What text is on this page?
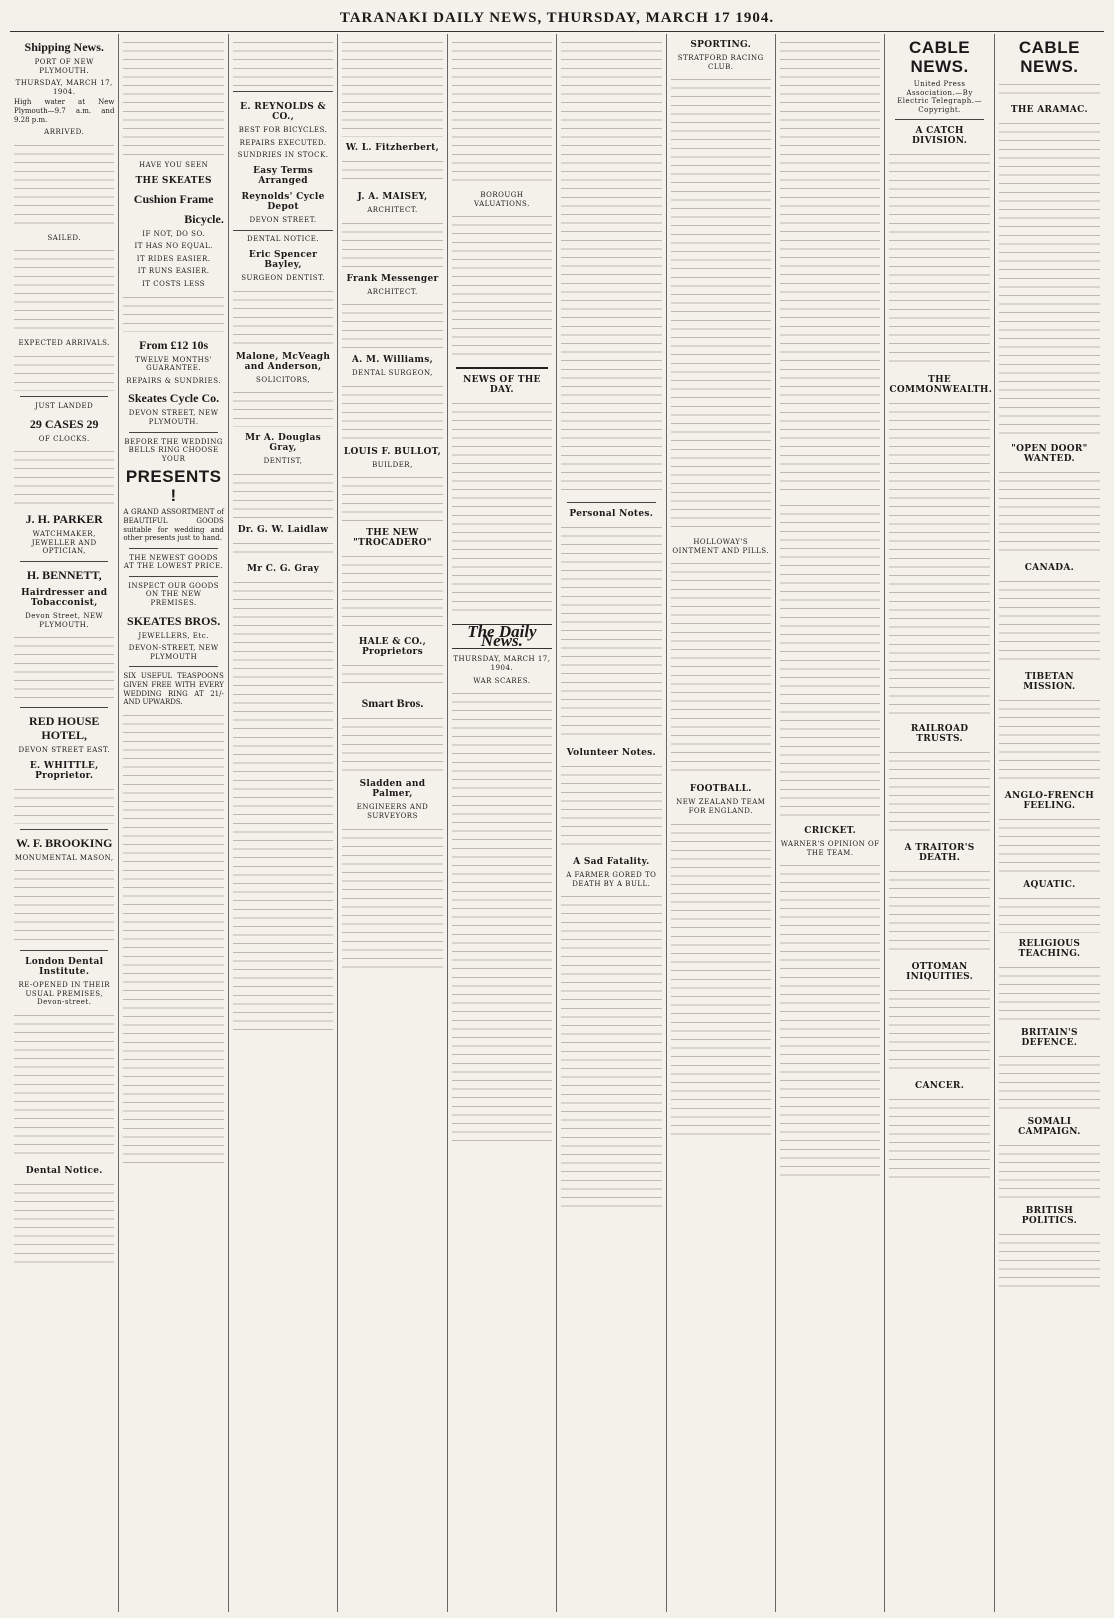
TARANAKI DAILY NEWS, THURSDAY, MARCH 17 1904.
Shipping News.
PORT OF NEW PLYMOUTH.
THURSDAY, MARCH 17, 1904.

High water at New Plymouth—9.7 a.m. and 9.28 p.m.

ARRIVED.
SAILED.
EXPECTED ARRIVALS.
JUST LANDED
29 CASES 29
OF CLOCKS.
J. H. PARKER
WATCHMAKER, JEWELLER AND OPTICIAN,
H. BENNETT,
Hairdresser and Tobacconist,
Devon Street, NEW PLYMOUTH.
RED HOUSE HOTEL,
DEVON STREET EAST.
E. WHITTLE, Proprietor.
W. F. BROOKING
MONUMENTAL MASON,
London Dental Institute.
RE-OPENED IN THEIR USUAL PREMISES, Devon-street.
Dental Notice.
HAVE YOU SEEN
THE SKEATES
Cushion Frame
Bicycle.
IF NOT, DO SO.
IT HAS NO EQUAL.
IT RIDES EASIER.
IT RUNS EASIER.
IT COSTS LESS
From £12 10s
TWELVE MONTHS' GUARANTEE.
REPAIRS & SUNDRIES.
Skeates Cycle Co.
DEVON STREET, NEW PLYMOUTH.
BEFORE THE WEDDING BELLS RING CHOOSE YOUR
PRESENTS !

A GRAND ASSORTMENT of BEAUTIFUL GOODS suitable for wedding and other presents just to hand.

THE NEWEST GOODS AT THE LOWEST PRICE.
INSPECT OUR GOODS ON THE NEW PREMISES.
SKEATES BROS.
JEWELLERS, Etc.
DEVON-STREET, NEW PLYMOUTH

SIX USEFUL TEASPOONS GIVEN FREE WITH EVERY WEDDING RING AT 21/- AND UPWARDS.

E. REYNOLDS & CO.,
BEST FOR BICYCLES.
REPAIRS EXECUTED.
SUNDRIES IN STOCK.
Easy Terms Arranged
Reynolds' Cycle Depot
DEVON STREET.
DENTAL NOTICE.
Eric Spencer Bayley,
SURGEON DENTIST.
Malone, McVeagh and Anderson,
SOLICITORS,
Mr A. Douglas Gray,
DENTIST,
Dr. G. W. Laidlaw
Mr C. G. Gray
W. L. Fitzherbert,
J. A. MAISEY,
ARCHITECT.
Frank Messenger
ARCHITECT.
A. M. Williams,
DENTAL SURGEON,
LOUIS F. BULLOT,
BUILDER,
THE NEW "TROCADERO"
HALE & CO., Proprietors
Smart Bros.
Sladden and Palmer,
ENGINEERS AND SURVEYORS
BOROUGH VALUATIONS.
NEWS OF THE DAY.
The Daily News.
THURSDAY, MARCH 17, 1904.
WAR SCARES.
Personal Notes.
Volunteer Notes.
A Sad Fatality.
A FARMER GORED TO DEATH BY A BULL.
SPORTING.
STRATFORD RACING CLUB.
HOLLOWAY'S OINTMENT AND PILLS.
FOOTBALL.
NEW ZEALAND TEAM FOR ENGLAND.
CRICKET.
WARNER'S OPINION OF THE TEAM.
CABLE NEWS.
United Press Association.—By Electric Telegraph.—Copyright.
A CATCH DIVISION.
THE COMMONWEALTH.
RAILROAD TRUSTS.
A TRAITOR'S DEATH.
OTTOMAN INIQUITIES.
CANCER.
CABLE NEWS.
THE ARAMAC.
"OPEN DOOR" WANTED.
CANADA.
TIBETAN MISSION.
ANGLO-FRENCH FEELING.
AQUATIC.
RELIGIOUS TEACHING.
BRITAIN'S DEFENCE.
SOMALI CAMPAIGN.
BRITISH POLITICS.
